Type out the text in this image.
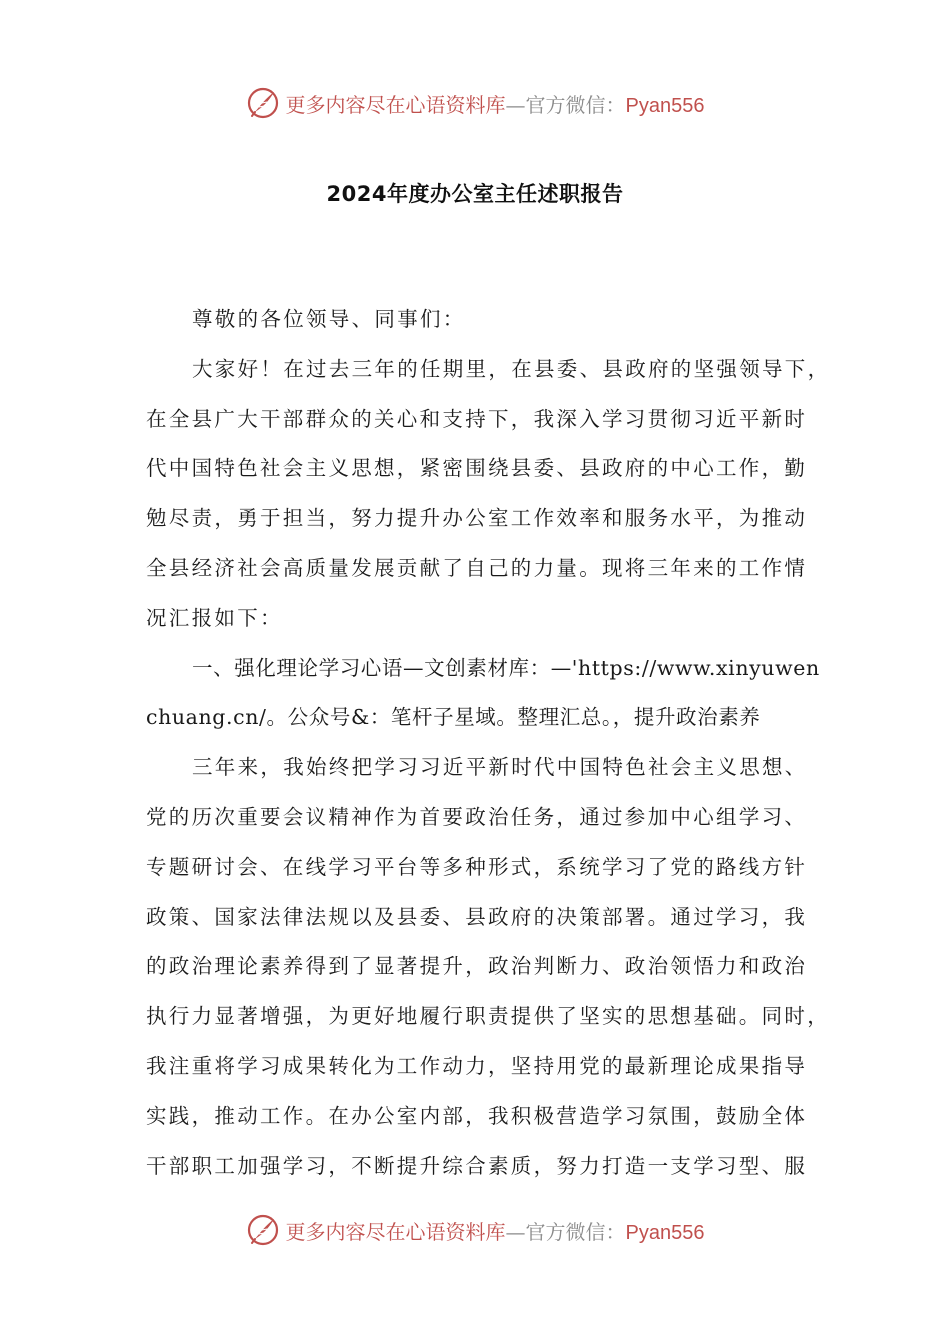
更多内容尽在心语资料库—官方微信：Pyan556
2024年度办公室主任述职报告
尊敬的各位领导、同事们：
大家好！在过去三年的任期里，在县委、县政府的坚强领导下，
在全县广大干部群众的关心和支持下，我深入学习贯彻习近平新时
代中国特色社会主义思想，紧密围绕县委、县政府的中心工作，勤
勉尽责，勇于担当，努力提升办公室工作效率和服务水平，为推动
全县经济社会高质量发展贡献了自己的力量。现将三年来的工作情
况汇报如下：
一、强化理论学习心语—文创素材库：—'https://www.xinyuwen
chuang.cn/。公众号&：笔杆子星域。整理汇总。，提升政治素养
三年来，我始终把学习习近平新时代中国特色社会主义思想、
党的历次重要会议精神作为首要政治任务，通过参加中心组学习、
专题研讨会、在线学习平台等多种形式，系统学习了党的路线方针
政策、国家法律法规以及县委、县政府的决策部署。通过学习，我
的政治理论素养得到了显著提升，政治判断力、政治领悟力和政治
执行力显著增强，为更好地履行职责提供了坚实的思想基础。同时，
我注重将学习成果转化为工作动力，坚持用党的最新理论成果指导
实践，推动工作。在办公室内部，我积极营造学习氛围，鼓励全体
干部职工加强学习，不断提升综合素质，努力打造一支学习型、服
更多内容尽在心语资料库—官方微信：Pyan556
